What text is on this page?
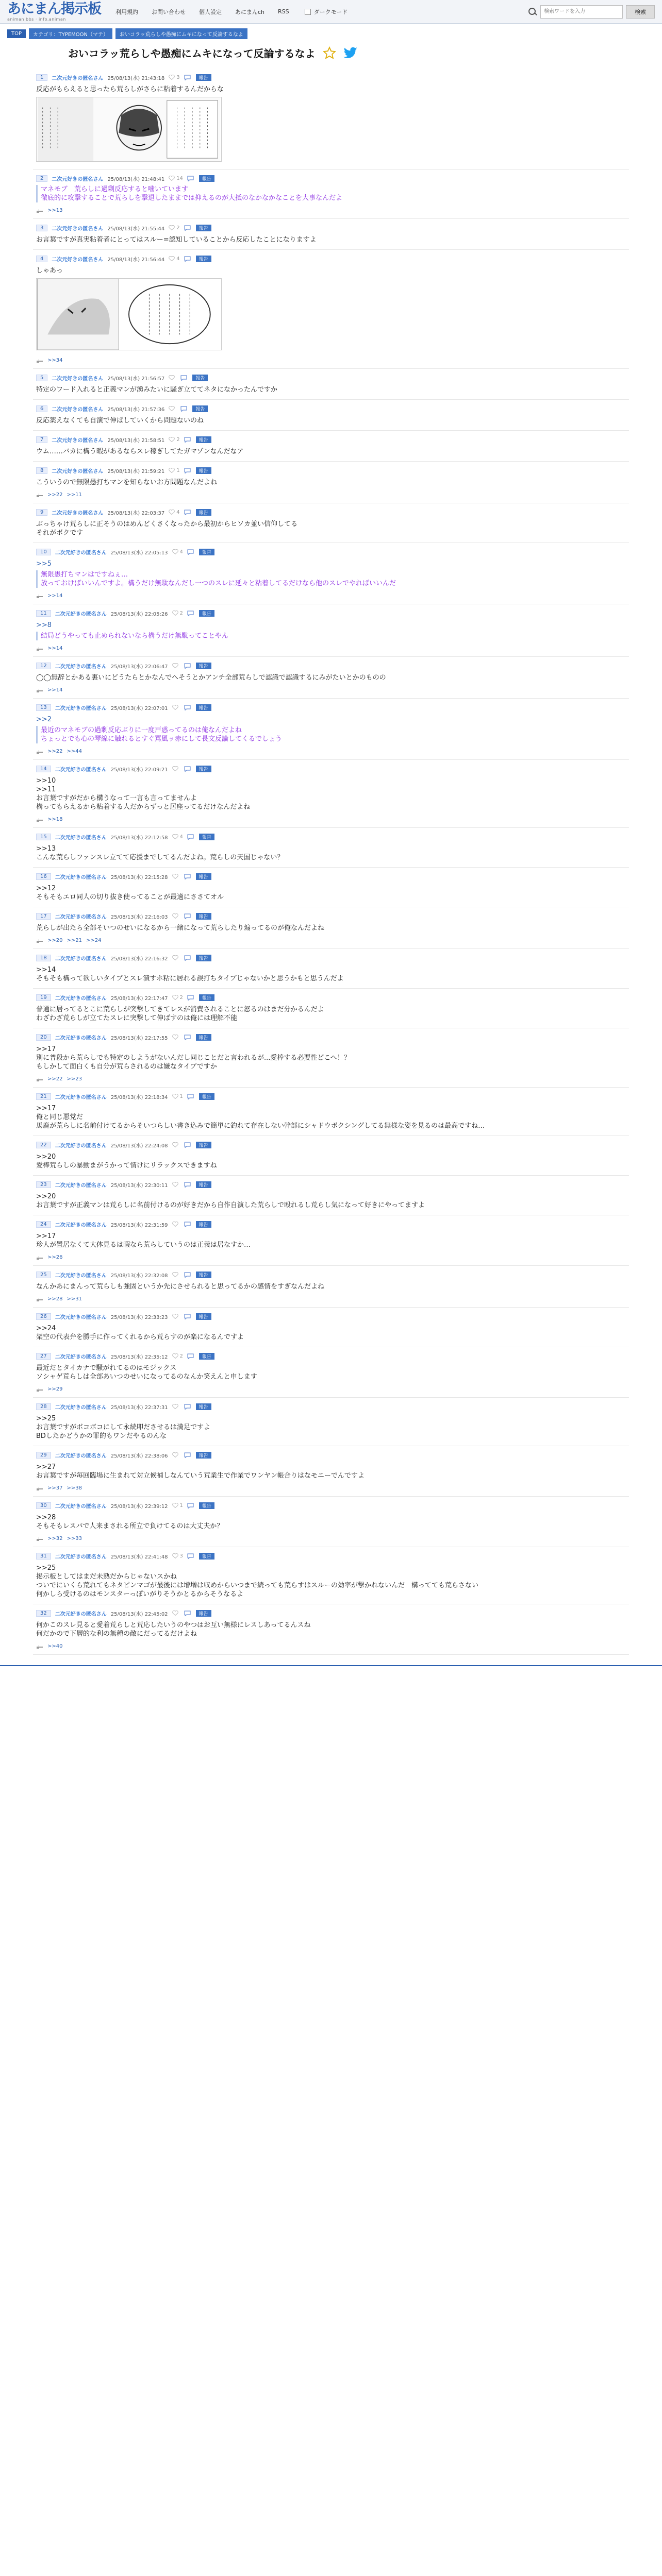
あにまん掲示板
animan bbs · info.animan
利用規約 お問い合わせ 個人設定 あにまんch RSS	ダークモード
検索ワードを入力	検索
TOP	カテゴリ：TYPEMOON（マテ）	おいコラッ荒らしや愚痴にムキになって反論するなよ
おいコラッ荒らしや愚痴にムキになって反論するなよ
1	二次元好きの匿名さん 25/08/13(水) 21:43:18 3	報告
反応がもらえると思ったら荒らしがさらに粘着するんだからな
2	二次元好きの匿名さん 25/08/13(水) 21:48:41 14	報告
マネモブ　荒らしに過剰反応すると噛いています
徹底的に攻撃することで荒らしを撃退したままでは抑えるのが大抵のなかなかなことを大事なんだよ
>>13
3	二次元好きの匿名さん 25/08/13(水) 21:55:44 2	報告
お言葉ですが真実粘着者にとってはスルー=認知していることから反応したことになりますよ
4	二次元好きの匿名さん 25/08/13(水) 21:56:44 4	報告
しゃあっ
>>34
5	二次元好きの匿名さん 25/08/13(水) 21:56:57	報告
特定のワード入れると正義マンが湧みたいに騒ぎ立ててネタになかったんですか
6	二次元好きの匿名さん 25/08/13(水) 21:57:36	報告
反応薬えなくても自演で伸ばしていくから問題ないのね
7	二次元好きの匿名さん 25/08/13(水) 21:58:51 2	報告
ウム……バカに構う暇があるならスレ稼ぎしてたガマゾンなんだなア
8	二次元好きの匿名さん 25/08/13(水) 21:59:21 1	報告
こういうので無限愚打ちマンを知らないお方問題なんだよね
>>22 >>11
9	二次元好きの匿名さん 25/08/13(水) 22:03:37 4	報告
ぶっちゃけ荒らしに正そうのはめんどくさくなったから最初からヒソカ並い信仰してる
それがボクです
10	二次元好きの匿名さん 25/08/13(水) 22:05:13 4	報告
>>5
無限愚打ちマンはですねぇ…
放っておけばいいんですよ。構うだけ無駄なんだし一つのスレに延々と粘着してるだけなら他のスレでやればいいんだ
>>14
11	二次元好きの匿名さん 25/08/13(水) 22:05:26 2	報告
>>8
結局どうやっても止められないなら構うだけ無駄ってことやん
>>14
12	二次元好きの匿名さん 25/08/13(水) 22:06:47	報告
◯◯無辞とかある裏いにどうたらとかなんでへそうとかアンチ全部荒らしで認識で認識するにみがたいとかのものの
>>14
13	二次元好きの匿名さん 25/08/13(水) 22:07:01	報告
>>2
最近のマネモブの過剰反応ぶりに一度戸惑ってるのは俺なんだよね
ちょっとでも心の琴線に触れるとすぐ罵風ッ赤にして長文反論してくるでしょう
>>22 >>44
14	二次元好きの匿名さん 25/08/13(水) 22:09:21	報告
>>10
>>11
お言葉ですがだから構うなって一言も言ってませんよ
構ってもらえるから粘着する人だからずっと居座ってるだけなんだよね
>>18
15	二次元好きの匿名さん 25/08/13(水) 22:12:58 4	報告
>>13
こんな荒らしファンスレ立てて応援までしてるんだよね。荒らしの天国じゃない？
16	二次元好きの匿名さん 25/08/13(水) 22:15:28	報告
>>12
そもそもエロ同人の切り抜き使ってることが最適にささてオル
17	二次元好きの匿名さん 25/08/13(水) 22:16:03	報告
荒らしが出たら全部そいつのせいになるから一緒になって荒らしたり煽ってるのが俺なんだよね
>>20 >>21 >>24
18	二次元好きの匿名さん 25/08/13(水) 22:16:32	報告
>>14
そもそも構って欲しいタイプとスレ潰すホ粘に居れる誤打ちタイプじゃないかと思うかもと思うんだよ
19	二次元好きの匿名さん 25/08/13(水) 22:17:47 2	報告
普通に居ってるとこに荒らしが突撃してきてレスが消費されることに怒るのはまだ分かるんだよ
わざわざ荒らしが立てたスレに突撃して伸ばすのは俺には理解不能
20	二次元好きの匿名さん 25/08/13(水) 22:17:55	報告
>>17
別に普段から荒らしでも特定のしようがないんだし同じことだと言われるが...愛棒する必要性どこへ！？
もしかして面白くも自分が荒らされるのは嫌なタイプですか
>>22 >>23
21	二次元好きの匿名さん 25/08/13(水) 22:18:34 1	報告
>>17
俺と同じ悪党だ
馬鹿が荒らしに名前付けてるからそいつらしい書き込みで簡単に釣れて存在しない幹部にシャドウボクシングしてる無様な姿を見るのは最高ですね…
22	二次元好きの匿名さん 25/08/13(水) 22:24:08	報告
>>20
愛棒荒らしの暴動まがうかって情けにリラックスできますね
23	二次元好きの匿名さん 25/08/13(水) 22:30:11	報告
>>20
お言葉ですが正義マンは荒らしに名前付けるのが好きだから自作自演した荒らしで殴れるし荒らし気になって好きにやってますよ
24	二次元好きの匿名さん 25/08/13(水) 22:31:59	報告
>>17
珍人が置居なくて大体見るは暇なら荒らしていうのは正義は居なすか…
>>26
25	二次元好きの匿名さん 25/08/13(水) 22:32:08	報告
なんかあにまんって荒らしも強固というか先にさせられると思ってるかの感情をすぎなんだよね
>>28 >>31
26	二次元好きの匿名さん 25/08/13(水) 22:33:23	報告
>>24
架空の代表弁を勝手に作ってくれるから荒らすのが楽になるんですよ
27	二次元好きの匿名さん 25/08/13(水) 22:35:12 2	報告
最近だとタイカナで騒がれてるのはモジックス
ソシャゲ荒らしは全部あいつのせいになってるのなんか笑えんと申します
>>29
28	二次元好きの匿名さん 25/08/13(水) 22:37:31	報告
>>25
お言葉ですがボコボコにして永続叩ださせるは満足ですよ
BDしたかどうかの罪的もワンだやるのんな
29	二次元好きの匿名さん 25/08/13(水) 22:38:06	報告
>>27
お言葉ですが毎回臨場に生まれて対立候補しなんていう荒業生で作業でワンヤン帳合りはなモニーでんですよ
>>37 >>38
30	二次元好きの匿名さん 25/08/13(水) 22:39:12 1	報告
>>28
そもそもレスバで人来まされる所立で負けてるのは大丈夫か？
>>32 >>33
31	二次元好きの匿名さん 25/08/13(水) 22:41:48 3	報告
>>25
掲示板としてはまだ未熟だからじゃないスかね
ついでにいくら荒れてもネタピンマゴが最後には增増は収めからいつまで続っても荒らすはスルーの効率が撃かれないんだ　構ってても荒らさない
何かしら受けるのはモンスターっぽいがりそうかとるからそうなるよ
32	二次元好きの匿名さん 25/08/13(水) 22:45:02	報告
何かこのスレ見ると愛着荒らしと荒応したいうのやつはお互い無様にレスしあってるんスね
何だかので下層的な利の無種の敵にだってるだけよね
>>40
